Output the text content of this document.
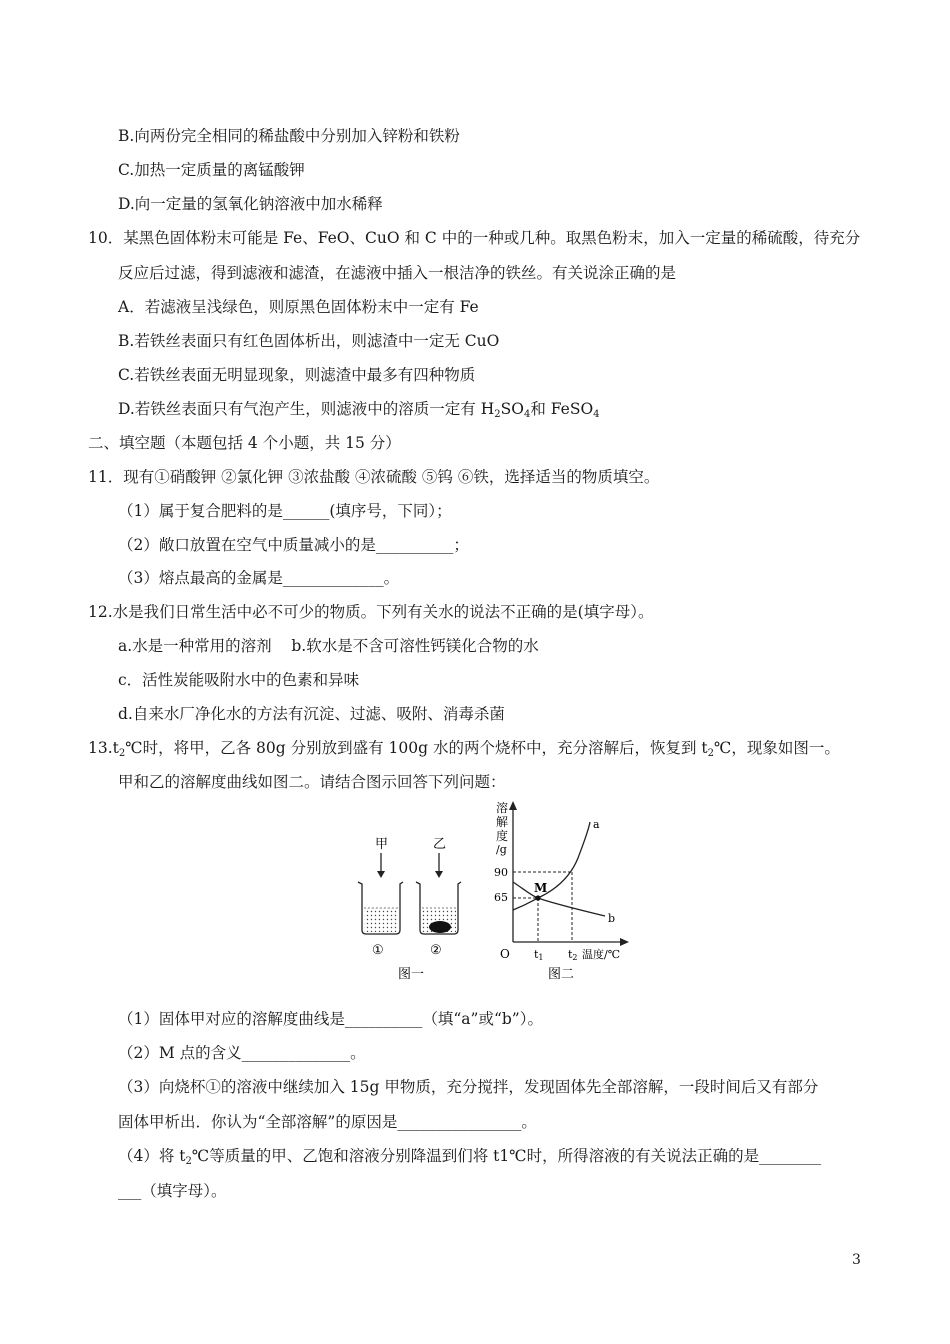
B.向两份完全相同的稀盐酸中分别加入锌粉和铁粉
C.加热一定质量的离锰酸钾
D.向一定量的氢氧化钠溶液中加水稀释
10．某黑色固体粉末可能是 Fe、FeO、CuO 和 C 中的一种或几种。取黑色粉末，加入一定量的稀硫酸，待充分
反应后过滤，得到滤液和滤渣，在滤液中插入一根洁净的铁丝。有关说涂正确的是
A．若滤液呈浅绿色，则原黑色固体粉末中一定有 Fe
B.若铁丝表面只有红色固体析出，则滤渣中一定无 CuO
C.若铁丝表面无明显现象，则滤渣中最多有四种物质
D.若铁丝表面只有气泡产生，则滤液中的溶质一定有 $H_2SO_4$和 FeSO$_4$
二、填空题（本题包括 4 个小题，共 15 分）
11．现有①硝酸钾 ②氯化钾 ③浓盐酸 ④浓硫酸 ⑤钨 ⑥铁，选择适当的物质填空。
（1）属于复合肥料的是______(填序号，下同）；
（2）敞口放置在空气中质量减小的是__________；
（3）熔点最高的金属是_____________。
12.水是我们日常生活中必不可少的物质。下列有关水的说法不正确的是(填字母）。
a.水是一种常用的溶剂    b.软水是不含可溶性钙镁化合物的水
c．活性炭能吸附水中的色素和异味
d.自来水厂净化水的方法有沉淀、过滤、吸附、消毒杀菌
$13.t_2℃$时，将甲，乙各 80g 分别放到盛有 100g 水的两个烧杯中，充分溶解后，恢复到 $t_2℃$，现象如图一。
甲和乙的溶解度曲线如图二。请结合图示回答下列问题：
甲	乙
①	②
图一
溶
解
度
/g
90
65
M
a
b
O t1 t2 温度/℃
图二
（1）固体甲对应的溶解度曲线是__________（填“a”或“b”）。
（2）M 点的含义______________。
（3）向烧杯①的溶液中继续加入 15g 甲物质，充分搅拌，发现固体先全部溶解，一段时间后又有部分
固体甲析出．你认为“全部溶解”的原因是________________。
（4）将 $t_2℃$等质量的甲、乙饱和溶液分别降温到们将 t1℃时，所得溶液的有关说法正确的是________
___（填字母）。
3
